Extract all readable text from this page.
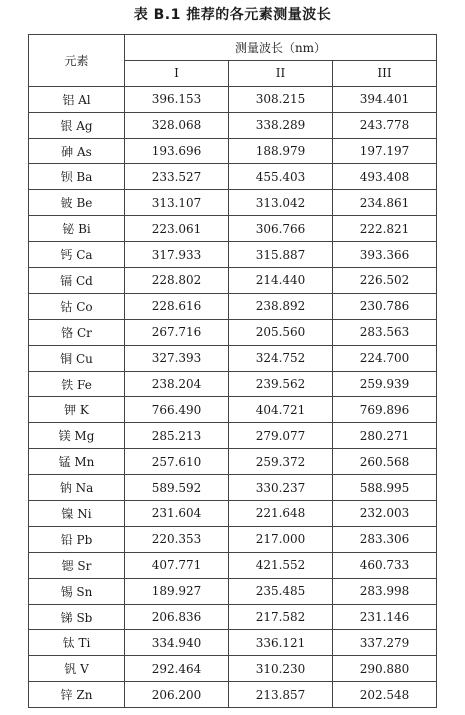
表 B.1 推荐的各元素测量波长
元素	测量波长（nm）		
	I	II	III
铝 Al	396.153	308.215	394.401
银 Ag	328.068	338.289	243.778
砷 As	193.696	188.979	197.197
钡 Ba	233.527	455.403	493.408
铍 Be	313.107	313.042	234.861
铋 Bi	223.061	306.766	222.821
钙 Ca	317.933	315.887	393.366
镉 Cd	228.802	214.440	226.502
钴 Co	228.616	238.892	230.786
铬 Cr	267.716	205.560	283.563
铜 Cu	327.393	324.752	224.700
铁 Fe	238.204	239.562	259.939
钾 K	766.490	404.721	769.896
镁 Mg	285.213	279.077	280.271
锰 Mn	257.610	259.372	260.568
钠 Na	589.592	330.237	588.995
镍 Ni	231.604	221.648	232.003
铅 Pb	220.353	217.000	283.306
锶 Sr	407.771	421.552	460.733
锡 Sn	189.927	235.485	283.998
锑 Sb	206.836	217.582	231.146
钛 Ti	334.940	336.121	337.279
钒 V	292.464	310.230	290.880
锌 Zn	206.200	213.857	202.548
